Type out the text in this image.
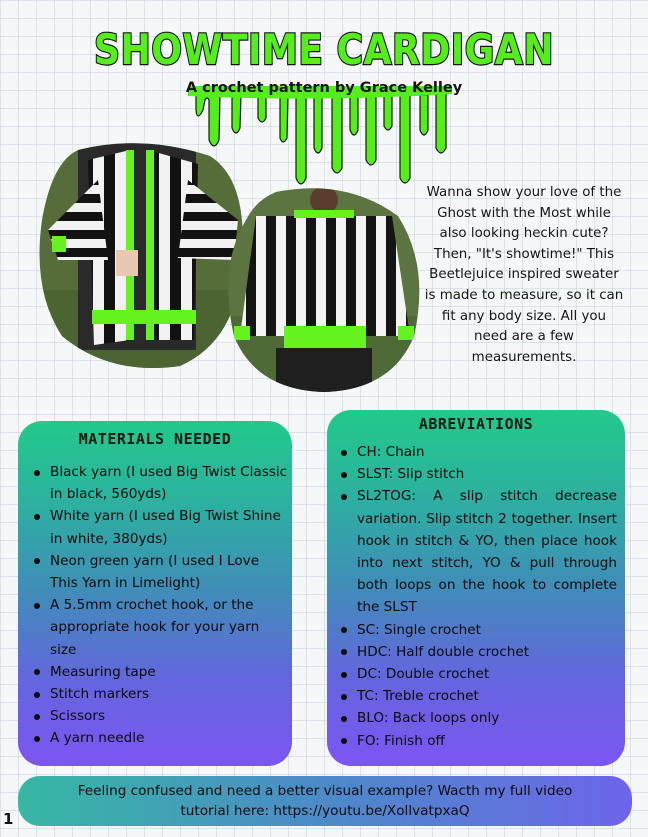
SHOWTIME CARDIGAN
A crochet pattern by Grace Kelley

Wanna show your love of the Ghost with the Most while also looking heckin cute? Then, "It's showtime!" This Beetlejuice inspired sweater is made to measure, so it can fit any body size. All you need are a few measurements.

MATERIALS NEEDED
Black yarn (I used Big Twist Classic in black, 560yds)
White yarn (I used Big Twist Shine in white, 380yds)
Neon green yarn (I used I Love This Yarn in Limelight)
A 5.5mm crochet hook, or the appropriate hook for your yarn size
Measuring tape
Stitch markers
Scissors
A yarn needle
ABREVIATIONS
CH: Chain
SLST: Slip stitch
SL2TOG: A slip stitch decrease variation. Slip stitch 2 together. Insert hook in stitch & YO, then place hook into next stitch, YO & pull through both loops on the hook to complete the SLST
SC: Single crochet
HDC: Half double crochet
DC: Double crochet
TC: Treble crochet
BLO: Back loops only
FO: Finish off
Feeling confused and need a better visual example? Wacth my full video
tutorial here: https://youtu.be/XollvatpxaQ
1
